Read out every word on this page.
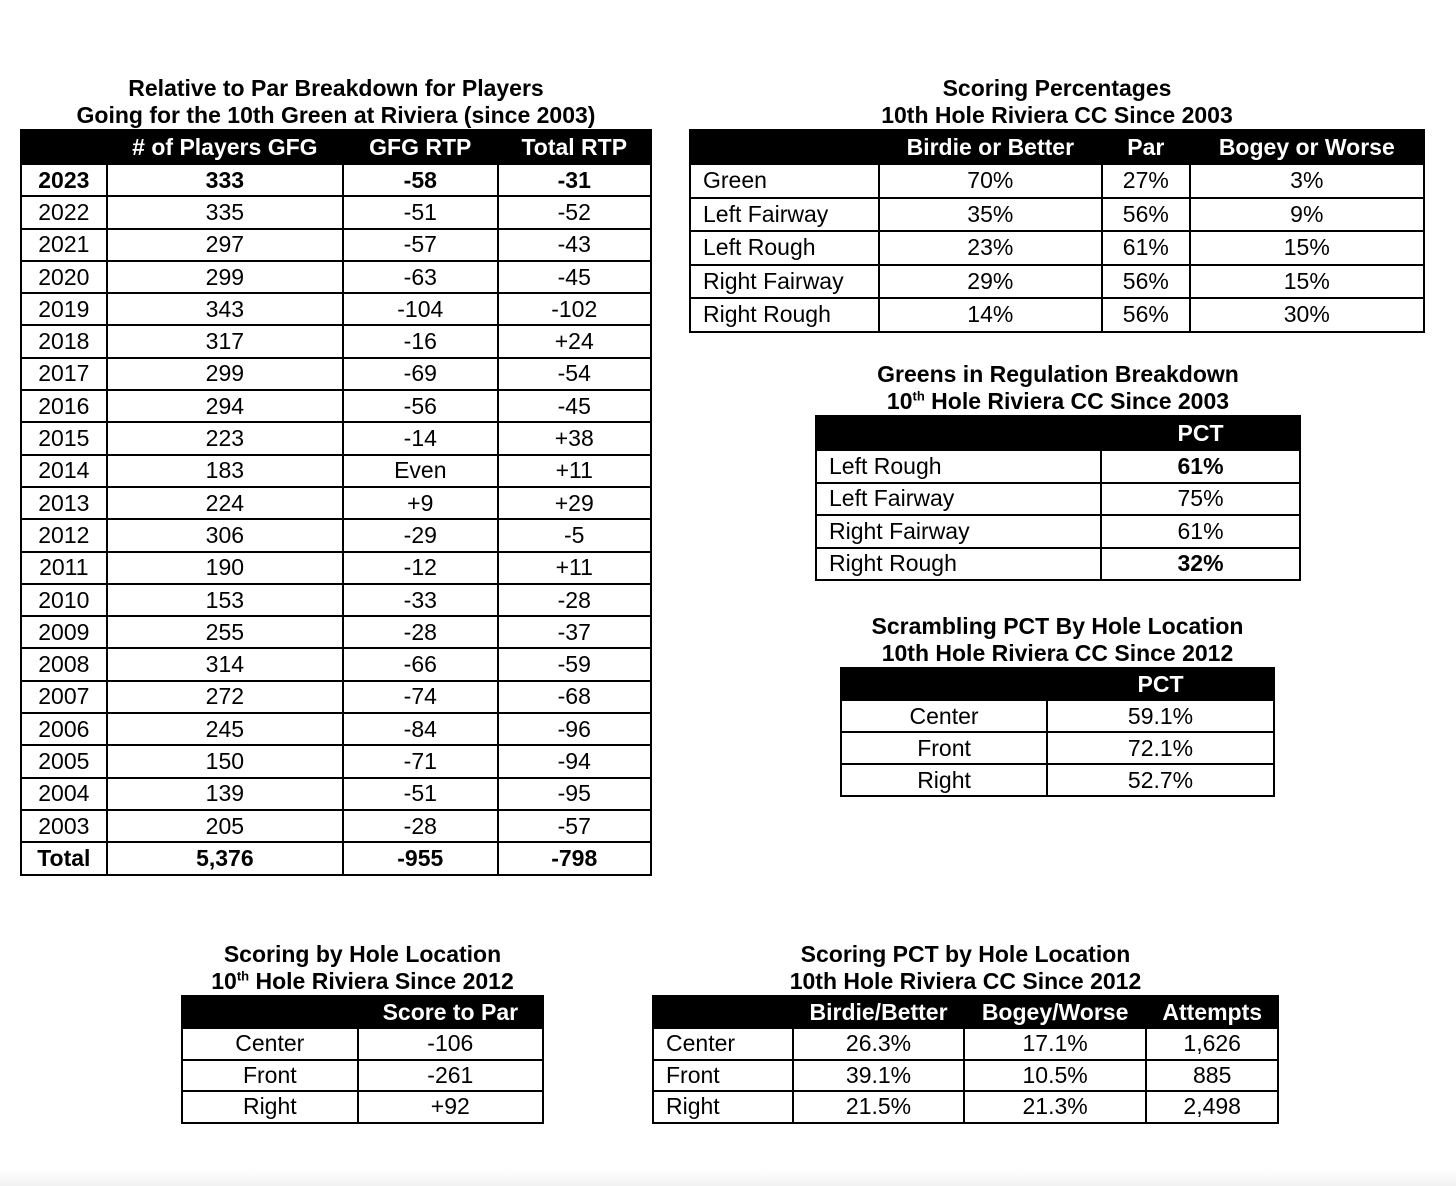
Relative to Par Breakdown for Players
Going for the 10th Green at Riviera (since 2003)
	# of Players GFG	GFG RTP	Total RTP
2023	333	-58	-31
2022	335	-51	-52
2021	297	-57	-43
2020	299	-63	-45
2019	343	-104	-102
2018	317	-16	+24
2017	299	-69	-54
2016	294	-56	-45
2015	223	-14	+38
2014	183	Even	+11
2013	224	+9	+29
2012	306	-29	-5
2011	190	-12	+11
2010	153	-33	-28
2009	255	-28	-37
2008	314	-66	-59
2007	272	-74	-68
2006	245	-84	-96
2005	150	-71	-94
2004	139	-51	-95
2003	205	-28	-57
Total	5,376	-955	-798
Scoring Percentages
10th Hole Riviera CC Since 2003
	Birdie or Better	Par	Bogey or Worse
Green	70%	27%	3%
Left Fairway	35%	56%	9%
Left Rough	23%	61%	15%
Right Fairway	29%	56%	15%
Right Rough	14%	56%	30%
Greens in Regulation Breakdown
10th Hole Riviera CC Since 2003
	PCT
Left Rough	61%
Left Fairway	75%
Right Fairway	61%
Right Rough	32%
Scrambling PCT By Hole Location
10th Hole Riviera CC Since 2012
	PCT
Center	59.1%
Front	72.1%
Right	52.7%
Scoring by Hole Location
10th Hole Riviera Since 2012
	Score to Par
Center	-106
Front	-261
Right	+92
Scoring PCT by Hole Location
10th Hole Riviera CC Since 2012
	Birdie/Better	Bogey/Worse	Attempts
Center	26.3%	17.1%	1,626
Front	39.1%	10.5%	885
Right	21.5%	21.3%	2,498
